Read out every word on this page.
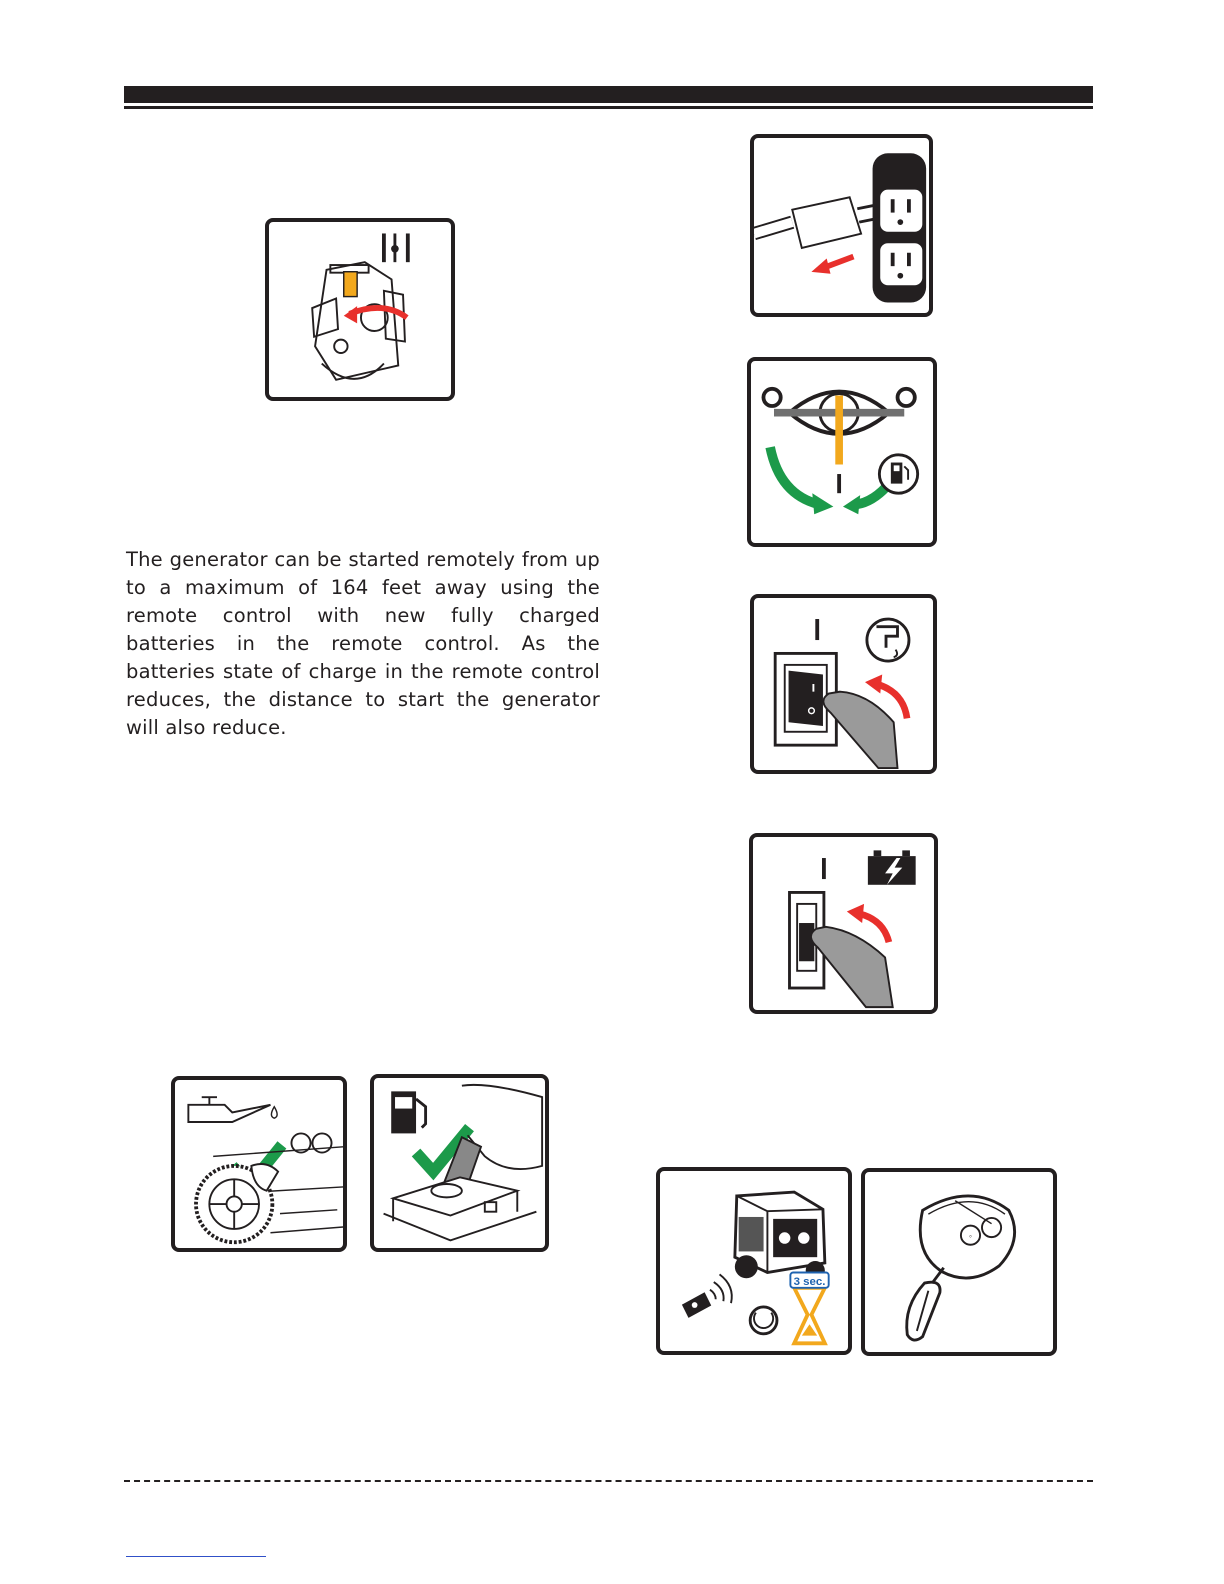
The generator can be started remotely from up to a maximum of 164 feet away using the remote control with new fully charged batteries in the remote control. As the batteries state of charge in the remote control reduces, the distance to start the generator will also reduce.
3 sec.
◦
